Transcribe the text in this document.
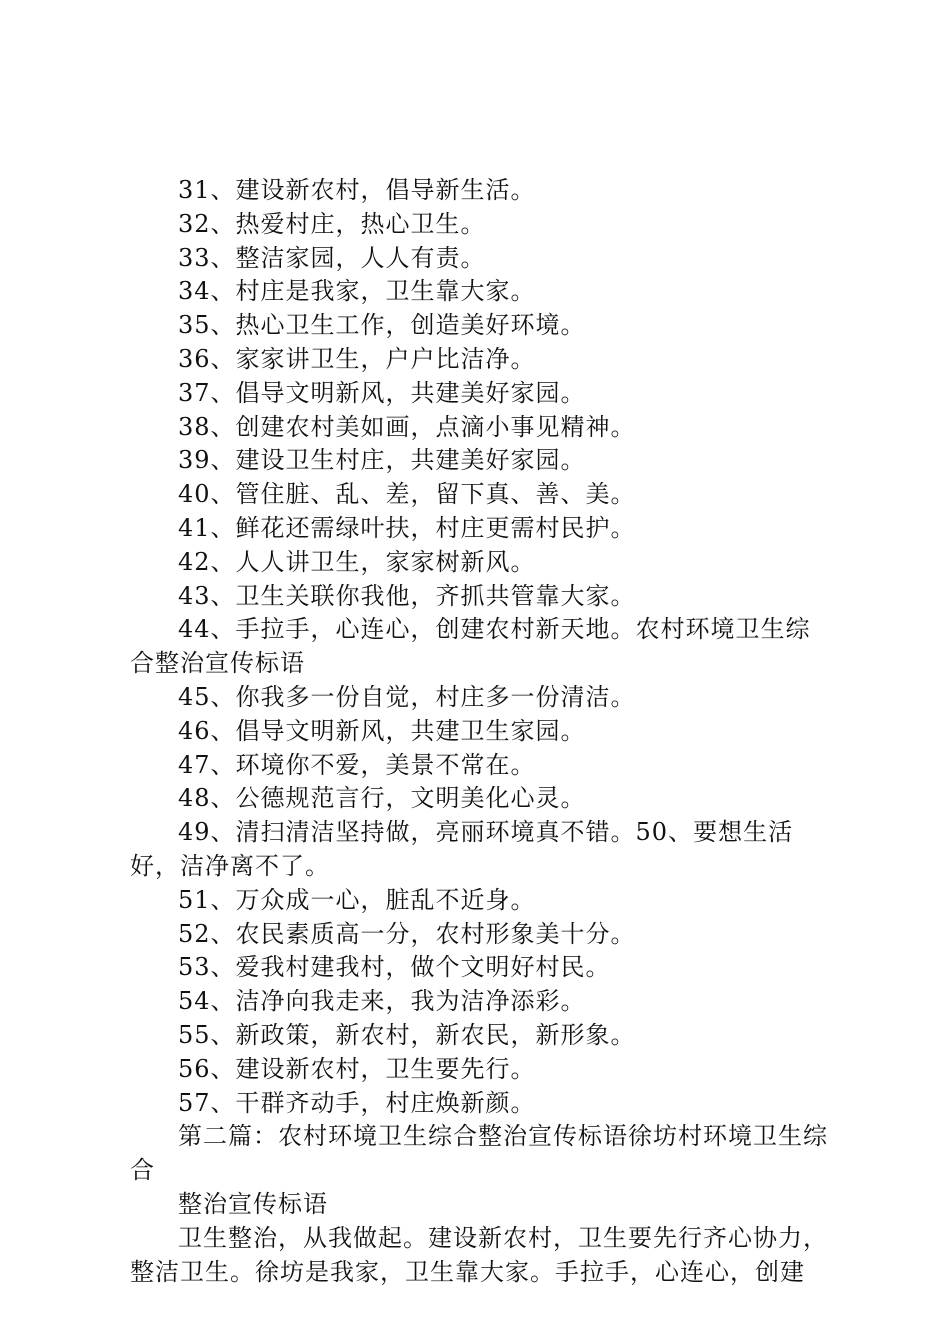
31、建设新农村，倡导新生活。

32、热爱村庄，热心卫生。

33、整洁家园，人人有责。

34、村庄是我家，卫生靠大家。

35、热心卫生工作，创造美好环境。

36、家家讲卫生，户户比洁净。

37、倡导文明新风，共建美好家园。

38、创建农村美如画，点滴小事见精神。

39、建设卫生村庄，共建美好家园。

40、管住脏、乱、差，留下真、善、美。

41、鲜花还需绿叶扶，村庄更需村民护。

42、人人讲卫生，家家树新风。

43、卫生关联你我他，齐抓共管靠大家。

44、手拉手，心连心，创建农村新天地。农村环境卫生综合整治宣传标语

45、你我多一份自觉，村庄多一份清洁。

46、倡导文明新风，共建卫生家园。

47、环境你不爱，美景不常在。

48、公德规范言行，文明美化心灵。

49、清扫清洁坚持做，亮丽环境真不错。50、要想生活好，洁净离不了。

51、万众成一心，脏乱不近身。

52、农民素质高一分，农村形象美十分。

53、爱我村建我村，做个文明好村民。

54、洁净向我走来，我为洁净添彩。

55、新政策，新农村，新农民，新形象。

56、建设新农村，卫生要先行。

57、干群齐动手，村庄焕新颜。

第二篇：农村环境卫生综合整治宣传标语徐坊村环境卫生综合

整治宣传标语

卫生整治，从我做起。建设新农村，卫生要先行齐心协力，整洁卫生。徐坊是我家，卫生靠大家。手拉手，心连心，创建
